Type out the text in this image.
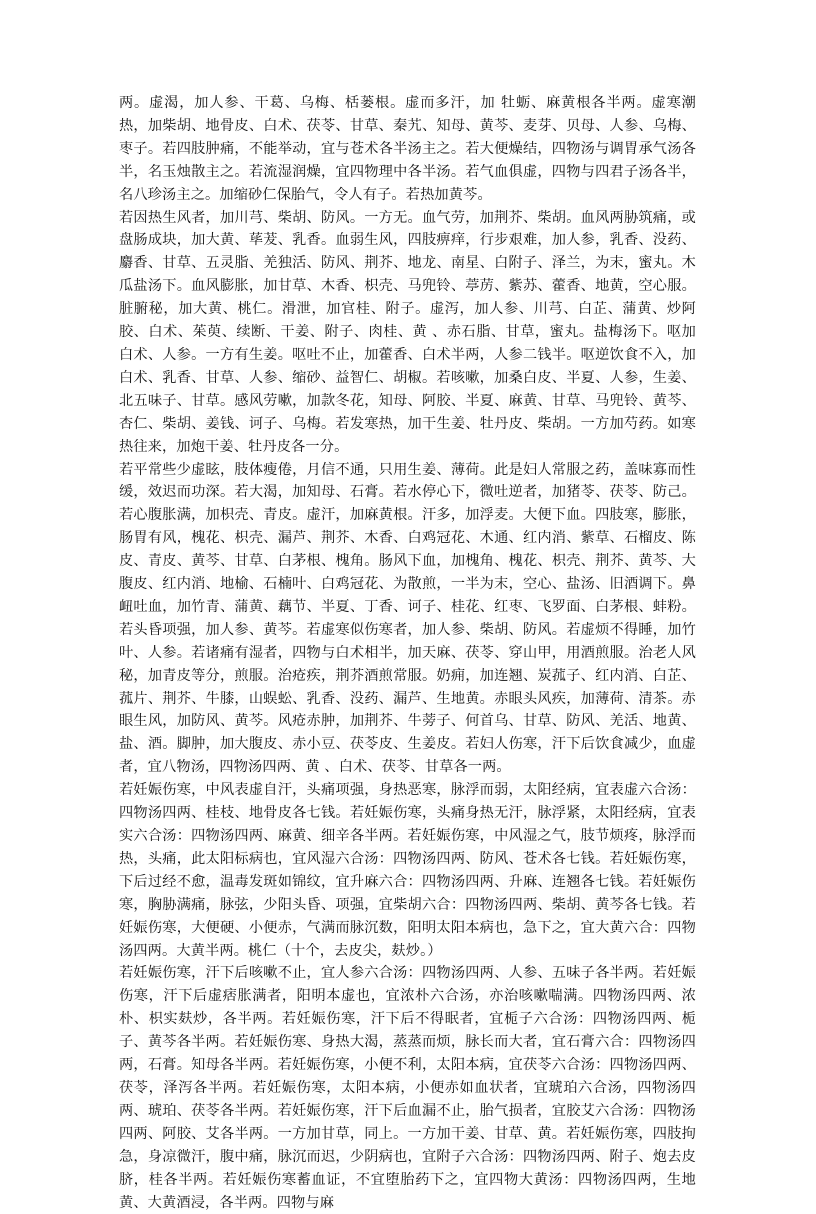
两。虚渴，加人参、干葛、乌梅、栝蒌根。虚而多汗，加 牡蛎、麻黄根各半两。虚寒潮热，加柴胡、地骨皮、白术、茯苓、甘草、秦艽、知母、黄芩、麦芽、贝母、人参、乌梅、枣子。若四肢肿痛，不能举动，宜与苍术各半汤主之。若大便燥结，四物汤与调胃承气汤各半，名玉烛散主之。若流湿润燥，宜四物理中各半汤。若气血俱虚，四物与四君子汤各半，名八珍汤主之。加缩砂仁保胎气，令人有子。若热加黄芩。

若因热生风者，加川芎、柴胡、防风。一方无。血气劳，加荆芥、柴胡。血风两胁筑痛，或盘肠成块，加大黄、荜茇、乳香。血弱生风，四肢痹痒，行步艰难，加人参，乳香、没药、麝香、甘草、五灵脂、羌独活、防风、荆芥、地龙、南星、白附子、泽兰，为末，蜜丸。木瓜盐汤下。血风膨胀，加甘草、木香、枳壳、马兜铃、葶苈、紫苏、藿香、地黄，空心服。脏腑秘，加大黄、桃仁。滑泄，加官桂、附子。虚泻，加人参、川芎、白芷、蒲黄、炒阿胶、白术、茱萸、续断、干姜、附子、肉桂、黄 、赤石脂、甘草，蜜丸。盐梅汤下。呕加白术、人参。一方有生姜。呕吐不止，加藿香、白术半两，人参二钱半。呕逆饮食不入，加白术、乳香、甘草、人参、缩砂、益智仁、胡椒。若咳嗽，加桑白皮、半夏、人参，生姜、北五味子、甘草。感风劳嗽，加款冬花，知母、阿胶、半夏、麻黄、甘草、马兜铃、黄芩、杏仁、柴胡、姜钱、诃子、乌梅。若发寒热，加干生姜、牡丹皮、柴胡。一方加芍药。如寒热往来，加炮干姜、牡丹皮各一分。

若平常些少虚眩，肢体瘦倦，月信不通，只用生姜、薄荷。此是妇人常服之药，盖味寡而性缓，效迟而功深。若大渴，加知母、石膏。若水停心下，微吐逆者，加猪苓、茯苓、防己。若心腹胀满，加枳壳、青皮。虚汗，加麻黄根。汗多，加浮麦。大便下血。四肢寒，膨胀，肠胃有风，槐花、枳壳、漏芦、荆芥、木香、白鸡冠花、木通、红内消、紫草、石榴皮、陈皮、青皮、黄芩、甘草、白茅根、槐角。肠风下血，加槐角、槐花、枳壳、荆芥、黄芩、大腹皮、红内消、地榆、石楠叶、白鸡冠花、为散煎，一半为末，空心、盐汤、旧酒调下。鼻衄吐血，加竹青、蒲黄、藕节、半夏、丁香、诃子、桂花、红枣、飞罗面、白茅根、蚌粉。若头昏项强，加人参、黄芩。若虚寒似伤寒者，加人参、柴胡、防风。若虚烦不得睡，加竹叶、人参。若诸痛有湿者，四物与白术相半，加天麻、茯苓、穿山甲，用酒煎服。治老人风秘，加青皮等分，煎服。治疮疾，荆芥酒煎常服。奶痈，加连翘、炭菰子、红内消、白芷、菰片、荆芥、牛膝，山蜈蚣、乳香、没药、漏芦、生地黄。赤眼头风疾，加薄荷、清茶。赤眼生风，加防风、黄芩。风疮赤肿，加荆芥、牛蒡子、何首乌、甘草、防风、羌活、地黄、盐、酒。脚肿，加大腹皮、赤小豆、茯苓皮、生姜皮。若妇人伤寒，汗下后饮食减少，血虚者，宜八物汤，四物汤四两、黄 、白术、茯苓、甘草各一两。

若妊娠伤寒，中风表虚自汗，头痛项强，身热恶寒，脉浮而弱，太阳经病，宜表虚六合汤：四物汤四两、桂枝、地骨皮各七钱。若妊娠伤寒，头痛身热无汗，脉浮紧，太阳经病，宜表实六合汤：四物汤四两、麻黄、细辛各半两。若妊娠伤寒，中风湿之气，肢节烦疼，脉浮而热，头痛，此太阳标病也，宜风湿六合汤：四物汤四两、防风、苍术各七钱。若妊娠伤寒，下后过经不愈，温毒发斑如锦纹，宜升麻六合：四物汤四两、升麻、连翘各七钱。若妊娠伤寒，胸胁满痛，脉弦，少阳头昏、项强，宜柴胡六合：四物汤四两、柴胡、黄芩各七钱。若妊娠伤寒，大便硬、小便赤，气满而脉沉数，阳明太阳本病也，急下之，宜大黄六合：四物汤四两。大黄半两。桃仁（十个，去皮尖，麸炒。）

若妊娠伤寒，汗下后咳嗽不止，宜人参六合汤：四物汤四两、人参、五味子各半两。若妊娠伤寒，汗下后虚痞胀满者，阳明本虚也，宜浓朴六合汤，亦治咳嗽喘满。四物汤四两、浓朴、枳实麸炒，各半两。若妊娠伤寒，汗下后不得眠者，宜栀子六合汤：四物汤四两、栀子、黄芩各半两。若妊娠伤寒、身热大渴，蒸蒸而烦，脉长而大者，宜石膏六合：四物汤四两，石膏。知母各半两。若妊娠伤寒，小便不利，太阳本病，宜茯苓六合汤：四物汤四两、茯苓，泽泻各半两。若妊娠伤寒，太阳本病，小便赤如血状者，宜琥珀六合汤，四物汤四两、琥珀、茯苓各半两。若妊娠伤寒，汗下后血漏不止，胎气损者，宜胶艾六合汤：四物汤四两、阿胶、艾各半两。一方加甘草，同上。一方加干姜、甘草、黄。若妊娠伤寒，四肢拘急，身凉微汗，腹中痛，脉沉而迟，少阴病也，宜附子六合汤：四物汤四两、附子、炮去皮脐，桂各半两。若妊娠伤寒蓄血证，不宜堕胎药下之，宜四物大黄汤：四物汤四两，生地黄、大黄酒浸，各半两。四物与麻
